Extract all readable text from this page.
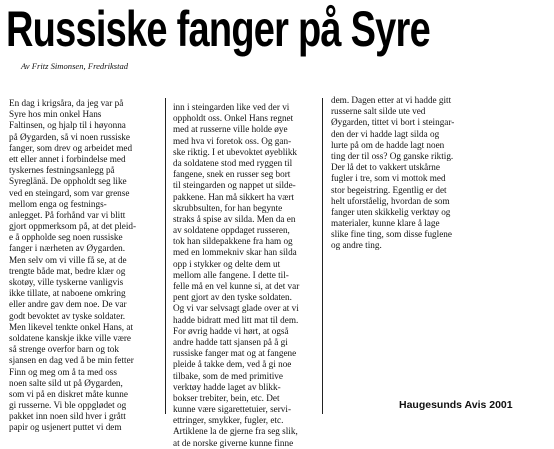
Russiske fanger på Syre
Av Fritz Simonsen, Fredrikstad
En dag i krigsåra, da jeg var på
Syre hos min onkel Hans
Faltinsen, og hjalp til i høyonna
på Øygarden, så vi noen russiske
fanger, som drev og arbeidet med
ett eller annet i forbindelse med
tyskernes festningsanlegg på
Syreglänä. De oppholdt seg like
ved en steingard, som var grense
mellom enga og festnings-
anlegget. På forhånd var vi blitt
gjort oppmerksom på, at det pleid-
e å oppholde seg noen russiske
fanger i nærheten av Øygarden.
Men selv om vi ville få se, at de
trengte både mat, bedre klær og
skotøy, ville tyskerne vanligvis
ikke tillate, at naboene omkring
eller andre gav dem noe. De var
godt bevoktet av tyske soldater.
Men likevel tenkte onkel Hans, at
soldatene kanskje ikke ville være
så strenge overfor barn og tok
sjansen en dag ved å be min fetter
Finn og meg om å ta med oss
noen salte sild ut på Øygarden,
som vi på en diskret måte kunne
gi russerne. Vi ble oppglødet og
pakket inn noen sild hver i grått
papir og usjenert puttet vi dem
inn i steingarden like ved der vi
oppholdt oss. Onkel Hans regnet
med at russerne ville holde øye
med hva vi foretok oss. Og gan-
ske riktig. I et ubevoktet øyeblikk
da soldatene stod med ryggen til
fangene, snek en russer seg bort
til steingarden og nappet ut silde-
pakkene. Han må sikkert ha vært
skrubbsulten, for han begynte
straks å spise av silda. Men da en
av soldatene oppdaget russeren,
tok han sildepakkene fra ham og
med en lommekniv skar han silda
opp i stykker og delte dem ut
mellom alle fangene. I dette til-
felle må en vel kunne si, at det var
pent gjort av den tyske soldaten.
Og vi var selvsagt glade over at vi
hadde bidratt med litt mat til dem.
For øvrig hadde vi hørt, at også
andre hadde tatt sjansen på å gi
russiske fanger mat og at fangene
pleide å takke dem, ved å gi noe
tilbake, som de med primitive
verktøy hadde laget av blikk-
bokser trebiter, bein, etc. Det
kunne være sigarettetuier, servi-
ettringer, smykker, fugler, etc.
Artiklene la de gjerne fra seg slik,
at de norske giverne kunne finne
dem. Dagen etter at vi hadde gitt
russerne salt silde ute ved
Øygarden, tittet vi bort i steingar-
den der vi hadde lagt silda og
lurte på om de hadde lagt noen
ting der til oss? Og ganske riktig.
Der lå det to vakkert utskårne
fugler i tre, som vi mottok med
stor begeistring. Egentlig er det
helt uforståelig, hvordan de som
fanger uten skikkelig verktøy og
materialer, kunne klare å lage
slike fine ting, som disse fuglene
og andre ting.
Haugesunds Avis 2001
